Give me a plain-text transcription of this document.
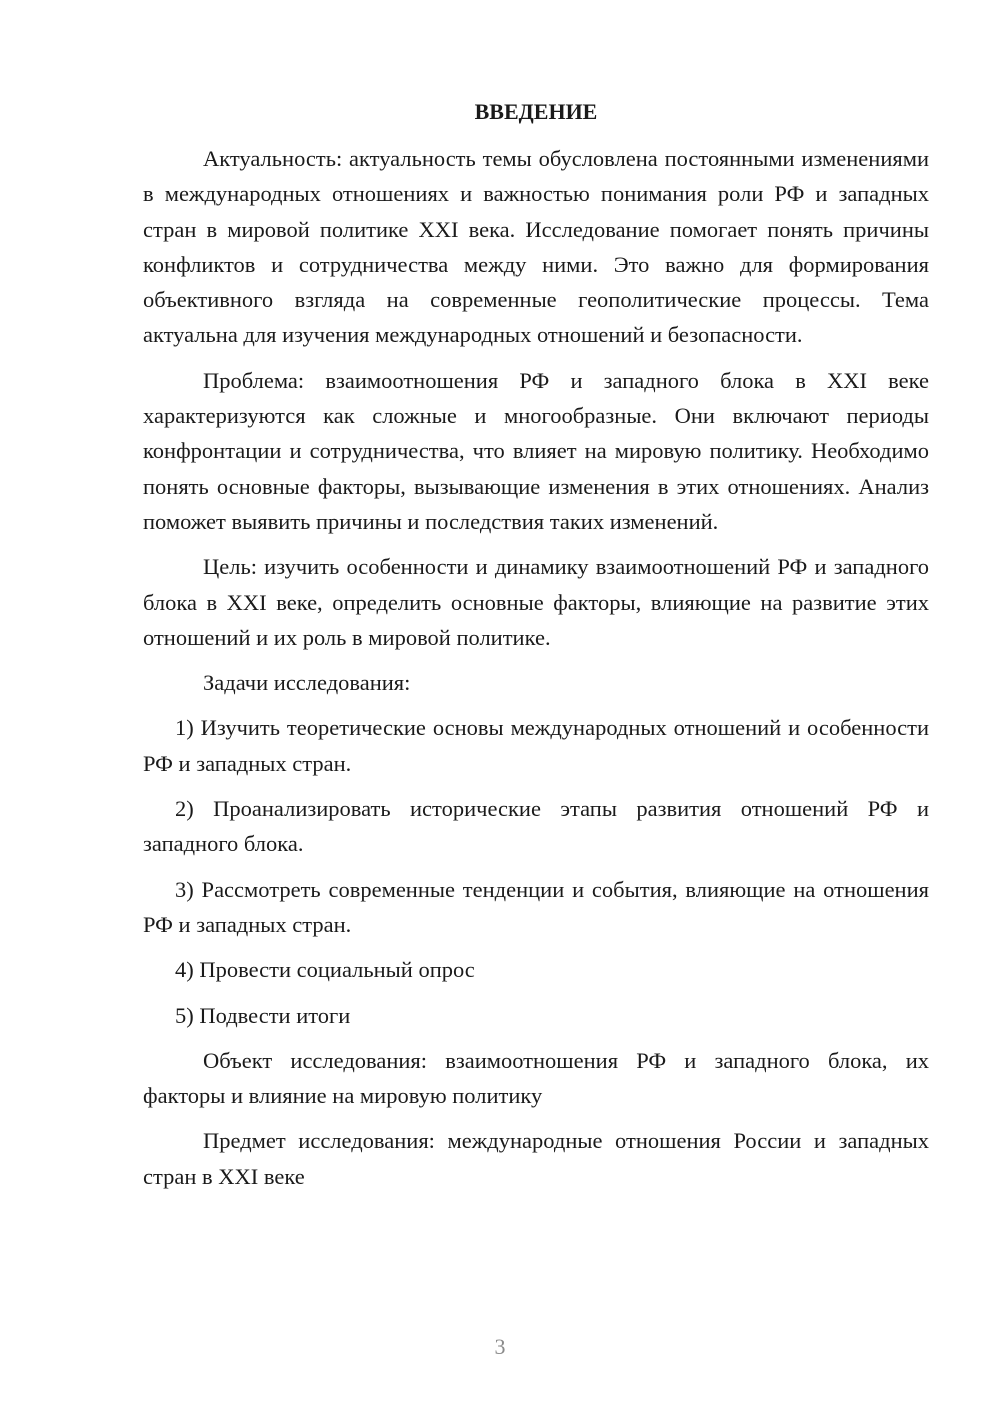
ВВЕДЕНИЕ

Актуальность: актуальность темы обусловлена постоянными изменениями в международных отношениях и важностью понимания роли РФ и западных стран в мировой политике XXI века. Исследование помогает понять причины конфликтов и сотрудничества между ними. Это важно для формирования объективного взгляда на современные геополитические процессы. Тема актуальна для изучения международных отношений и безопасности.

Проблема: взаимоотношения РФ и западного блока в XXI веке характеризуются как сложные и многообразные. Они включают периоды конфронтации и сотрудничества, что влияет на мировую политику. Необходимо понять основные факторы, вызывающие изменения в этих отношениях. Анализ поможет выявить причины и последствия таких изменений.

Цель: изучить особенности и динамику взаимоотношений РФ и западного блока в XXI веке, определить основные факторы, влияющие на развитие этих отношений и их роль в мировой политике.

Задачи исследования:

1) Изучить теоретические основы международных отношений и особенности РФ и западных стран.

2) Проанализировать исторические этапы развития отношений РФ и западного блока.

3) Рассмотреть современные тенденции и события, влияющие на отношения РФ и западных стран.

4) Провести социальный опрос

5) Подвести итоги

Объект исследования: взаимоотношения РФ и западного блока, их факторы и влияние на мировую политику

Предмет исследования: международные отношения России и западных стран в XXI веке

3
